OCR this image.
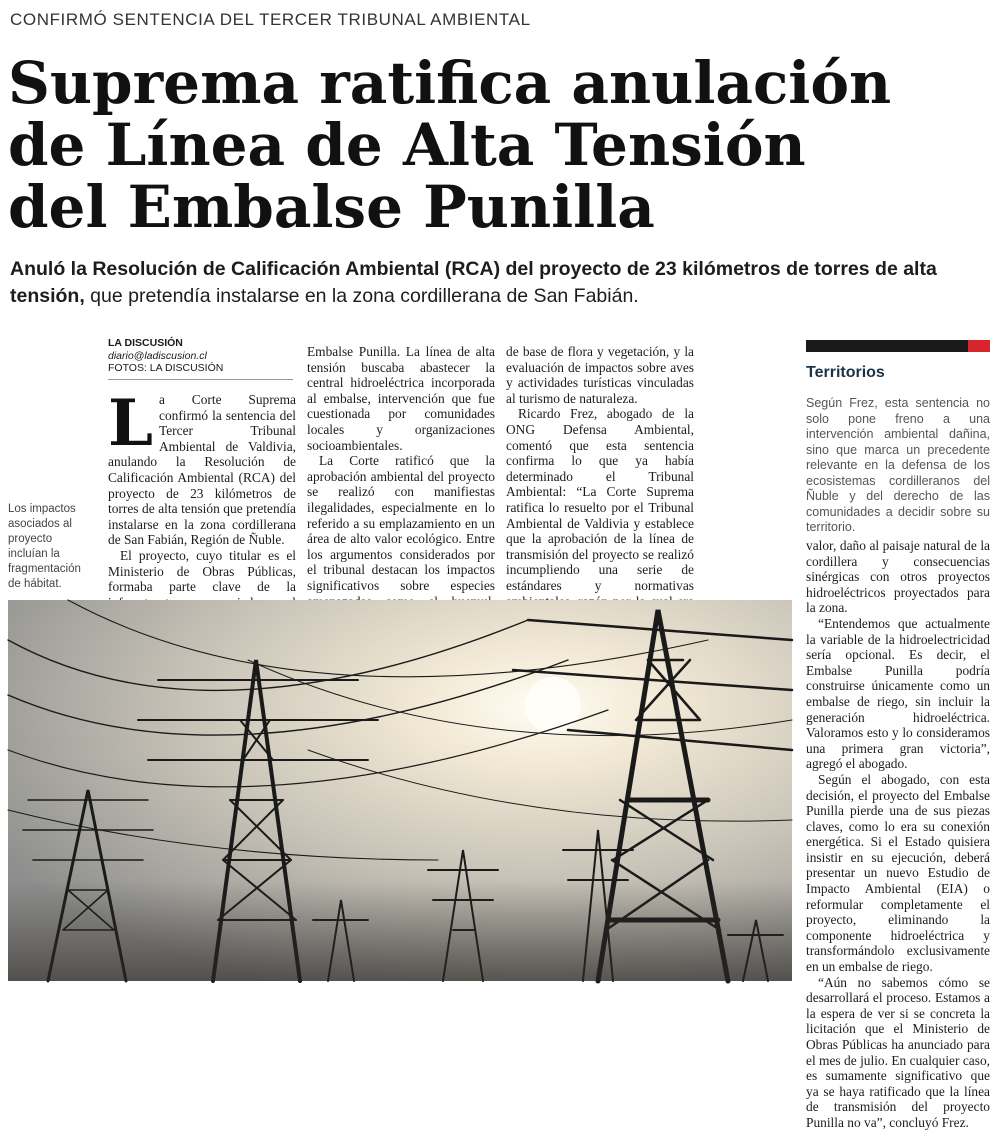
CONFIRMÓ SENTENCIA DEL TERCER TRIBUNAL AMBIENTAL
Suprema ratifica anulación
de Línea de Alta Tensión
del Embalse Punilla
Anuló la Resolución de Calificación Ambiental (RCA) del proyecto de 23 kilómetros de torres de alta tensión, que pretendía instalarse en la zona cordillerana de San Fabián.
Los impactos asociados al proyecto incluían la fragmentación de hábitat.
LA DISCUSIÓN
diario@ladiscusion.cl
FOTOS: LA DISCUSIÓN

La Corte Suprema confirmó la sentencia del Tercer Tribunal Ambiental de Valdivia, anulando la Resolución de Calificación Ambiental (RCA) del proyecto de 23 kilómetros de torres de alta tensión que pretendía instalarse en la zona cordillerana de San Fabián, Región de Ñuble.

El proyecto, cuyo titular es el Ministerio de Obras Públicas, formaba parte clave de la

Embalse Punilla. La línea de alta tensión buscaba abastecer la central hidroeléctrica incorporada al embalse, intervención que fue cuestionada por comunidades locales y organizaciones socioambientales.

La Corte ratificó que la aprobación ambiental del proyecto se realizó con manifiestas ilegalidades, especialmente en lo referido a su emplazamiento en un área de alto valor ecológico. Entre los argumentos considerados por el tribunal destacan los impactos significativos sobre especies

de base de flora y vegetación, y la evaluación de impactos sobre aves y actividades turísticas vinculadas al turismo de naturaleza.

Ricardo Frez, abogado de la ONG Defensa Ambiental, comentó que esta sentencia confirma lo que ya había determinado el Tribunal Ambiental: “La Corte Suprema ratifica lo resuelto por el Tribunal Ambiental de Valdivia y establece que la aprobación de la línea de transmisión del proyecto se realizó incumpliendo una serie de estándares y normativas

Territorios
Según Frez, esta sentencia no solo pone freno a una intervención ambiental dañina, sino que marca un precedente relevante en la defensa de los ecosistemas cordilleranos del Ñuble y del derecho de las comunidades a decidir sobre su territorio.

valor, daño al paisaje natural de la cordillera y consecuencias sinérgicas con otros proyectos hidroeléctricos proyectados para la zona.

“Entendemos que actualmente la variable de la hidroelectricidad sería opcional. Es decir, el Embalse Punilla podría construirse únicamente como un embalse de riego, sin incluir la generación hidroeléctrica. Valoramos esto y lo consideramos una primera gran victoria”, agregó el abogado.

Según el abogado, con esta decisión, el proyecto del Embalse Punilla pierde una de sus piezas claves, como lo era su conexión energética. Si el Estado quisiera insistir en su ejecución, deberá presentar un nuevo Estudio de Impacto Ambiental (EIA) o reformular completamente el proyecto, eliminando la componente hidroeléctrica y transformándolo exclusivamente en un embalse de riego.

“Aún no sabemos cómo se desarrollará el proceso. Estamos a la espera de ver si se concreta la licitación que el Ministerio de Obras Públicas ha anunciado para el mes de julio. En cualquier caso, es sumamente significativo que ya se haya ratificado que la línea de transmisión del proyecto Punilla no va”, concluyó Frez.
